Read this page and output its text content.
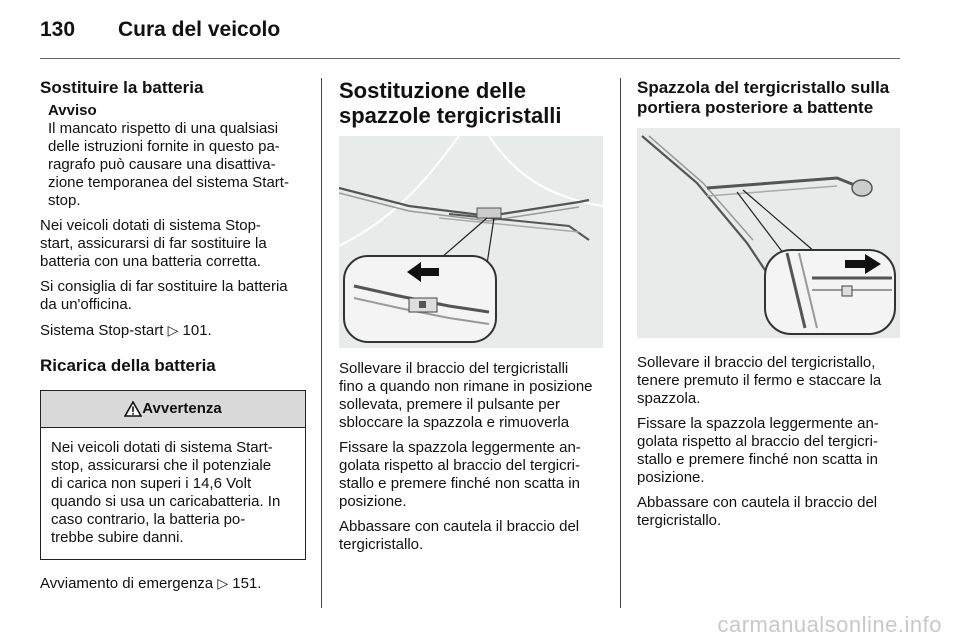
130	Cura del veicolo
Sostituire la batteria

Avviso

Il mancato rispetto di una qualsiasi

delle istruzioni fornite in questo pa-

ragrafo può causare una disattiva-

zione temporanea del sistema Start-

stop.

Nei veicoli dotati di sistema Stop-

start, assicurarsi di far sostituire la

batteria con una batteria corretta.

Si consiglia di far sostituire la batteria

da un'officina.

Sistema Stop-start ▷ 101.

Ricarica della batteria
Avvertenza

Nei veicoli dotati di sistema Start-

stop, assicurarsi che il potenziale

di carica non superi i 14,6 Volt

quando si usa un caricabatteria. In

caso contrario, la batteria po-

trebbe subire danni.

Avviamento di emergenza ▷ 151.

Sostituzione delle
spazzole tergicristalli

Sollevare il braccio del tergicristalli

fino a quando non rimane in posizione

sollevata, premere il pulsante per

sbloccare la spazzola e rimuoverla

Fissare la spazzola leggermente an-

golata rispetto al braccio del tergicri-

stallo e premere finché non scatta in

posizione.

Abbassare con cautela il braccio del

tergicristallo.

Spazzola del tergicristallo sulla
portiera posteriore a battente

Sollevare il braccio del tergicristallo,

tenere premuto il fermo e staccare la

spazzola.

Fissare la spazzola leggermente an-

golata rispetto al braccio del tergicri-

stallo e premere finché non scatta in

posizione.

Abbassare con cautela il braccio del

tergicristallo.

carmanualsonline.info
